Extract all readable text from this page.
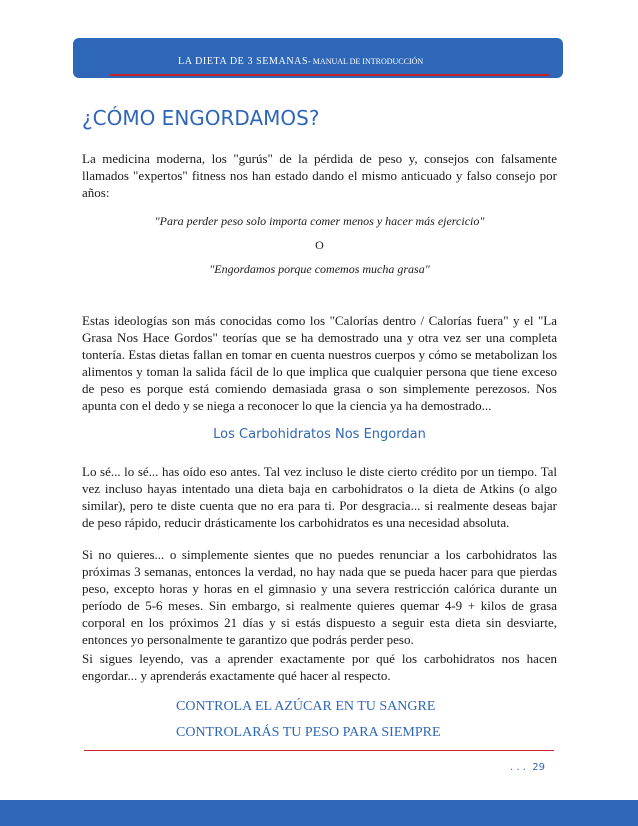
LA DIETA DE 3 SEMANAS- MANUAL DE INTRODUCCIÓN
¿CÓMO ENGORDAMOS?

La medicina moderna, los "gurús" de la pérdida de peso y, consejos con falsamente llamados "expertos" fitness nos han estado dando el mismo anticuado y falso consejo por años:

"Para perder peso solo importa comer menos y hacer más ejercicio"

O

"Engordamos porque comemos mucha grasa"

Estas ideologías son más conocidas como los "Calorías dentro / Calorías fuera" y el "La Grasa Nos Hace Gordos" teorías que se ha demostrado una y otra vez ser una completa tontería. Estas dietas fallan en tomar en cuenta nuestros cuerpos y cómo se metabolizan los alimentos y toman la salida fácil de lo que implica que cualquier persona que tiene exceso de peso es porque está comiendo demasiada grasa o son simplemente perezosos. Nos apunta con el dedo y se niega a reconocer lo que la ciencia ya ha demostrado...

Los Carbohidratos Nos Engordan

Lo sé... lo sé... has oído eso antes. Tal vez incluso le diste cierto crédito por un tiempo. Tal vez incluso hayas intentado una dieta baja en carbohidratos o la dieta de Atkins (o algo similar), pero te diste cuenta que no era para ti. Por desgracia... si realmente deseas bajar de peso rápido, reducir drásticamente los carbohidratos es una necesidad absoluta.

Si no quieres... o simplemente sientes que no puedes renunciar a los carbohidratos las próximas 3 semanas, entonces la verdad, no hay nada que se pueda hacer para que pierdas peso, excepto horas y horas en el gimnasio y una severa restricción calórica durante un período de 5-6 meses. Sin embargo, si realmente quieres quemar 4-9 + kilos de grasa corporal en los próximos 21 días y si estás dispuesto a seguir esta dieta sin desviarte, entonces yo personalmente te garantizo que podrás perder peso.

Si sigues leyendo, vas a aprender exactamente por qué los carbohidratos nos hacen engordar... y aprenderás exactamente qué hacer al respecto.

CONTROLA EL AZÚCAR EN TU SANGRE

CONTROLARÁS TU PESO PARA SIEMPRE

. . . 29
